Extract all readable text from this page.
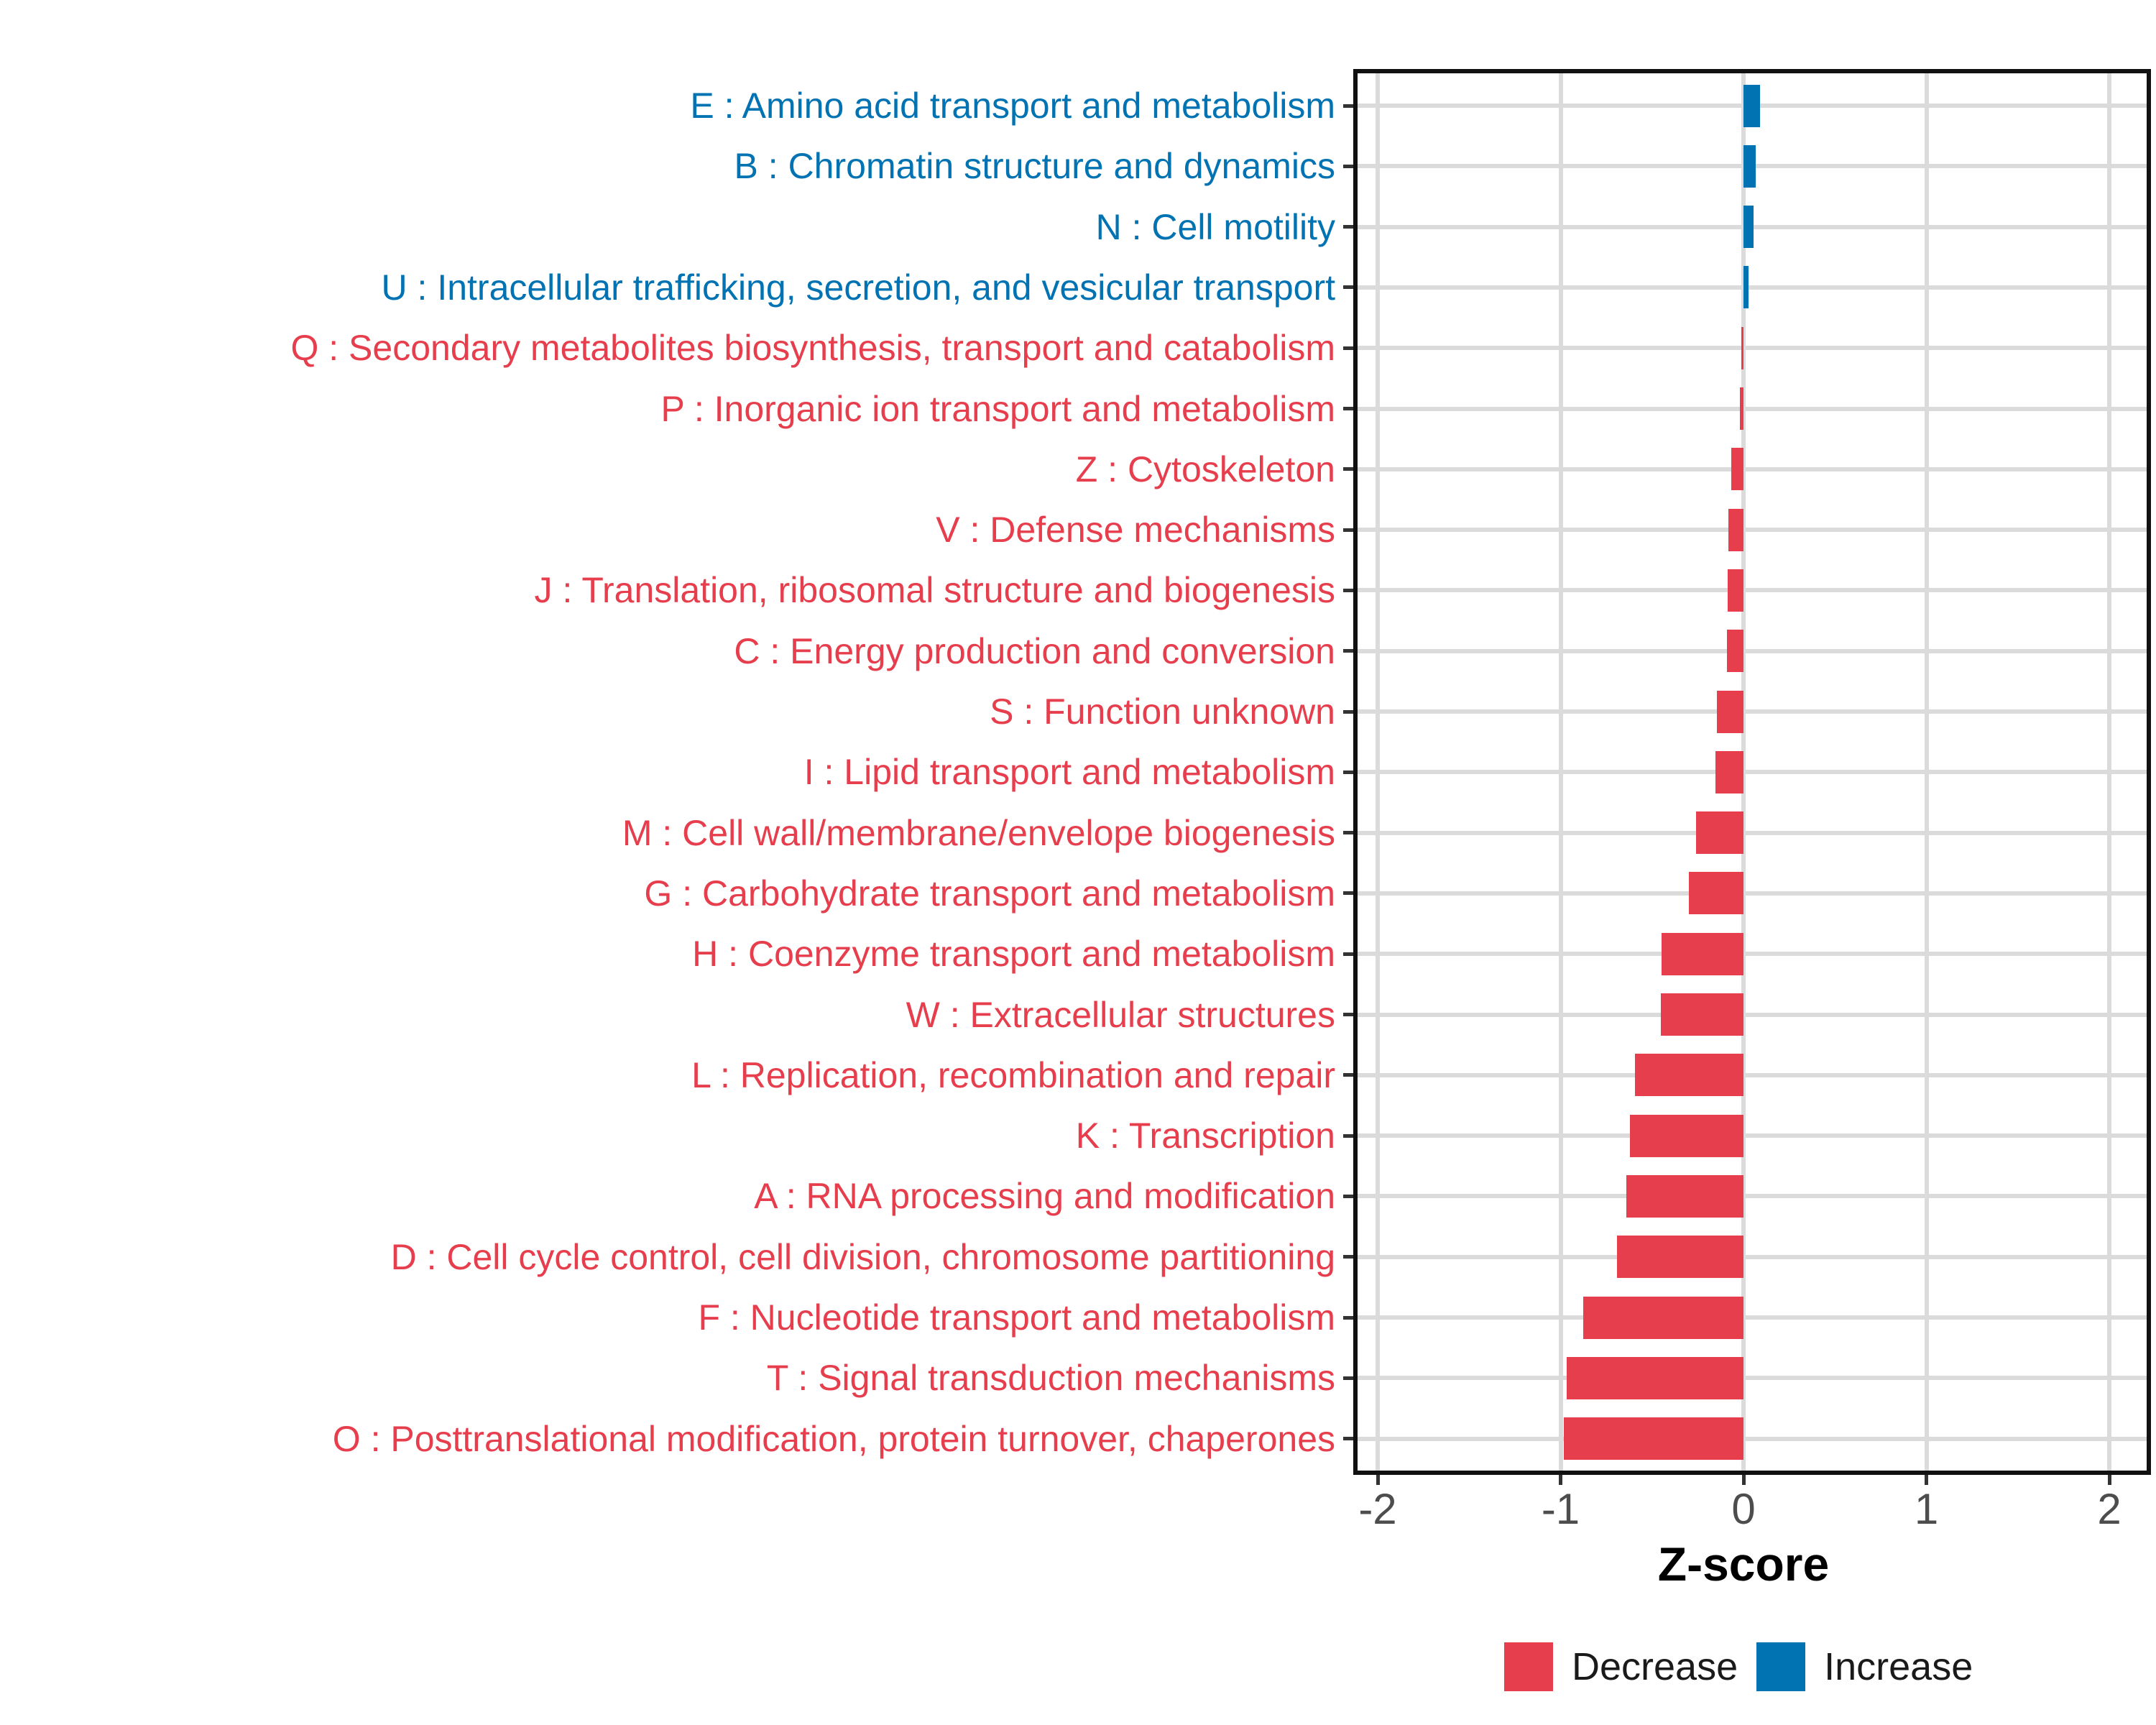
E : Amino acid transport and metabolism
B : Chromatin structure and dynamics
N : Cell motility
U : Intracellular trafficking, secretion, and vesicular transport
Q : Secondary metabolites biosynthesis, transport and catabolism
P : Inorganic ion transport and metabolism
Z : Cytoskeleton
V : Defense mechanisms
J : Translation, ribosomal structure and biogenesis
C : Energy production and conversion
S : Function unknown
I : Lipid transport and metabolism
M : Cell wall/membrane/envelope biogenesis
G : Carbohydrate transport and metabolism
H : Coenzyme transport and metabolism
W : Extracellular structures
L : Replication, recombination and repair
K : Transcription
A : RNA processing and modification
D : Cell cycle control, cell division, chromosome partitioning
F : Nucleotide transport and metabolism
T : Signal transduction mechanisms
O : Posttranslational modification, protein turnover, chaperones
-2	-1	0	1	2
Z-score
Decrease Increase
